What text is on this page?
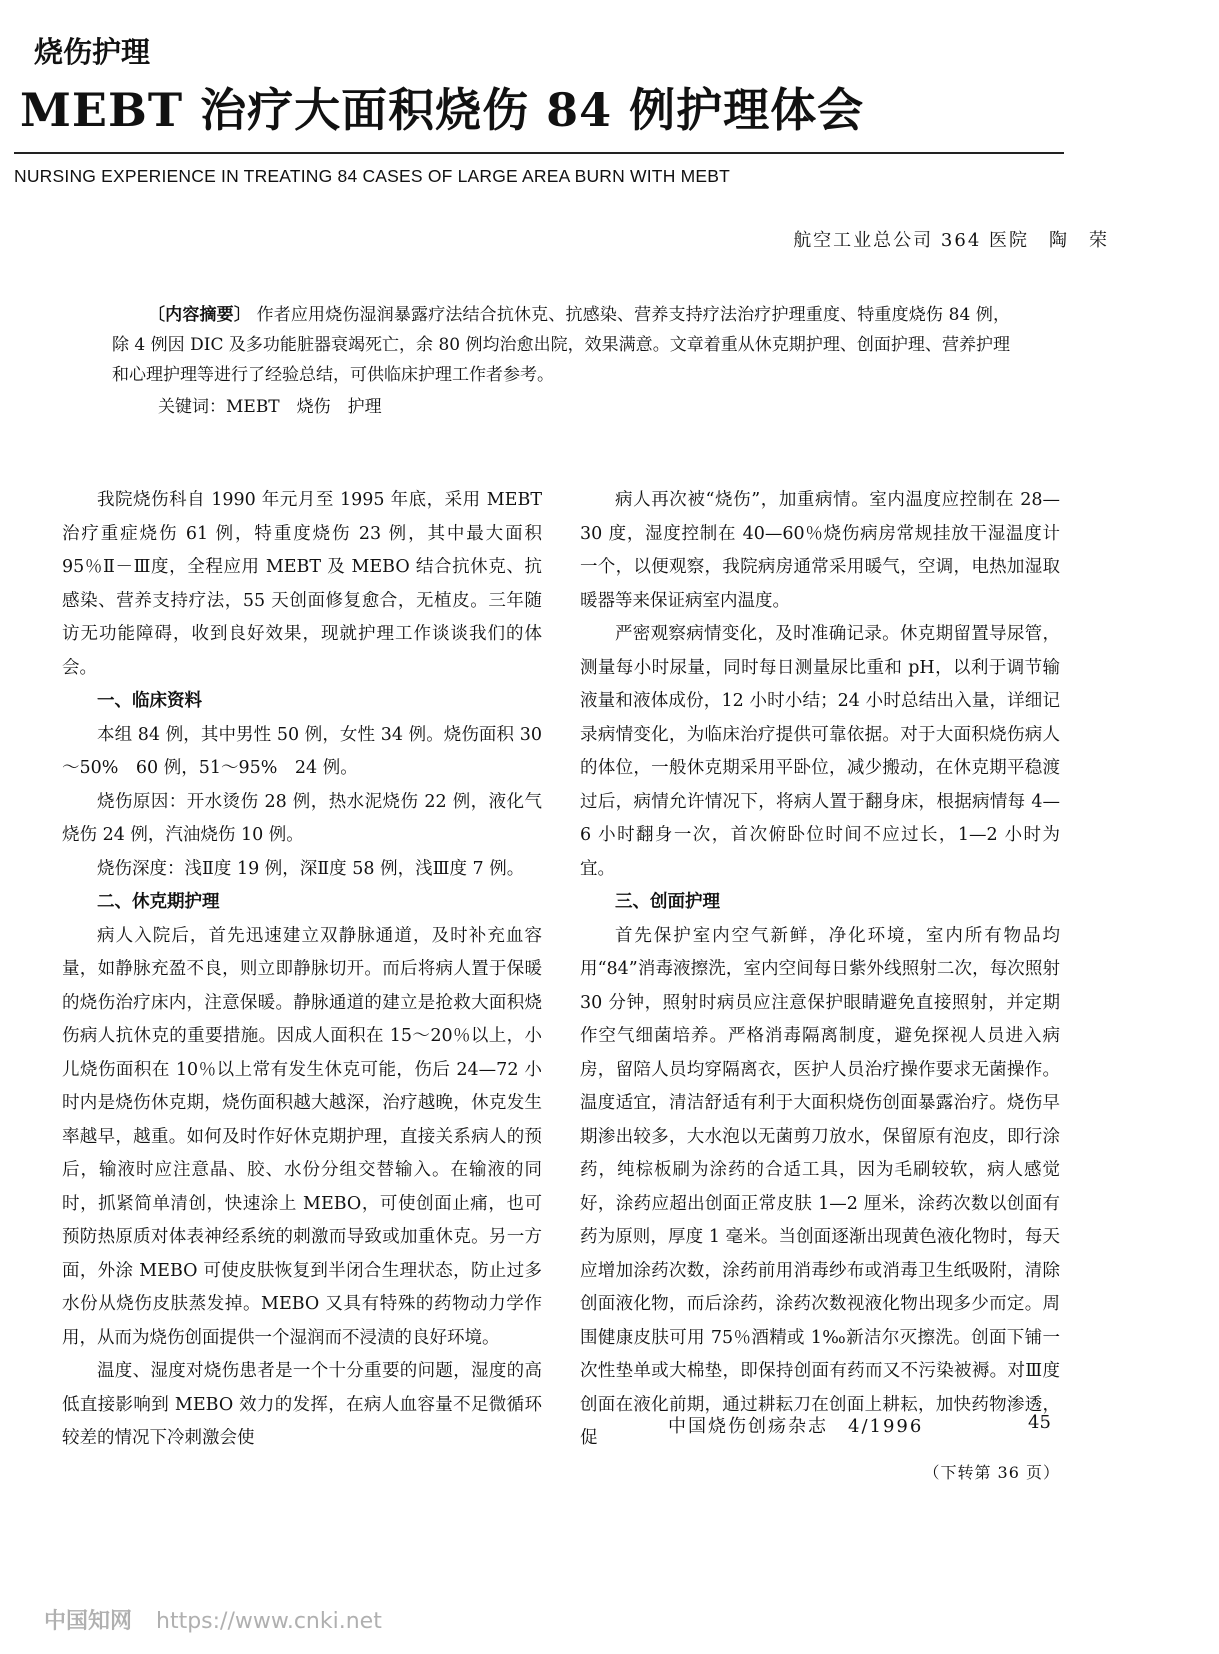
烧伤护理
MEBT 治疗大面积烧伤 84 例护理体会
NURSING EXPERIENCE IN TREATING 84 CASES OF LARGE AREA BURN WITH MEBT
航空工业总公司 364 医院　陶　荣

〔内容摘要〕 作者应用烧伤湿润暴露疗法结合抗休克、抗感染、营养支持疗法治疗护理重度、特重度烧伤 84 例，除 4 例因 DIC 及多功能脏器衰竭死亡，余 80 例均治愈出院，效果满意。文章着重从休克期护理、创面护理、营养护理和心理护理等进行了经验总结，可供临床护理工作者参考。

关键词：MEBT　烧伤　护理

我院烧伤科自 1990 年元月至 1995 年底，采用 MEBT 治疗重症烧伤 61 例，特重度烧伤 23 例，其中最大面积 95％Ⅱ－Ⅲ度，全程应用 MEBT 及 MEBO 结合抗休克、抗感染、营养支持疗法，55 天创面修复愈合，无植皮。三年随访无功能障碍，收到良好效果，现就护理工作谈谈我们的体会。

一、临床资料

本组 84 例，其中男性 50 例，女性 34 例。烧伤面积 30～50%　60 例，51～95%　24 例。

烧伤原因：开水烫伤 28 例，热水泥烧伤 22 例，液化气烧伤 24 例，汽油烧伤 10 例。

烧伤深度：浅Ⅱ度 19 例，深Ⅱ度 58 例，浅Ⅲ度 7 例。

二、休克期护理

病人入院后，首先迅速建立双静脉通道，及时补充血容量，如静脉充盈不良，则立即静脉切开。而后将病人置于保暖的烧伤治疗床内，注意保暖。静脉通道的建立是抢救大面积烧伤病人抗休克的重要措施。因成人面积在 15～20％以上，小儿烧伤面积在 10％以上常有发生休克可能，伤后 24—72 小时内是烧伤休克期，烧伤面积越大越深，治疗越晚，休克发生率越早，越重。如何及时作好休克期护理，直接关系病人的预后，输液时应注意晶、胶、水份分组交替输入。在输液的同时，抓紧简单清创，快速涂上 MEBO，可使创面止痛，也可预防热原质对体表神经系统的刺激而导致或加重休克。另一方面，外涂 MEBO 可使皮肤恢复到半闭合生理状态，防止过多水份从烧伤皮肤蒸发掉。MEBO 又具有特殊的药物动力学作用，从而为烧伤创面提供一个湿润而不浸渍的良好环境。

温度、湿度对烧伤患者是一个十分重要的问题，湿度的高低直接影响到 MEBO 效力的发挥，在病人血容量不足微循环较差的情况下冷刺激会使

病人再次被“烧伤”，加重病情。室内温度应控制在 28—30 度，湿度控制在 40—60％烧伤病房常规挂放干湿温度计一个，以便观察，我院病房通常采用暖气，空调，电热加湿取暖器等来保证病室内温度。

严密观察病情变化，及时准确记录。休克期留置导尿管，测量每小时尿量，同时每日测量尿比重和 pH，以利于调节输液量和液体成份，12 小时小结；24 小时总结出入量，详细记录病情变化，为临床治疗提供可靠依据。对于大面积烧伤病人的体位，一般休克期采用平卧位，减少搬动，在休克期平稳渡过后，病情允许情况下，将病人置于翻身床，根据病情每 4—6 小时翻身一次，首次俯卧位时间不应过长，1—2 小时为宜。

三、创面护理

首先保护室内空气新鲜，净化环境，室内所有物品均用“84”消毒液擦洗，室内空间每日紫外线照射二次，每次照射 30 分钟，照射时病员应注意保护眼睛避免直接照射，并定期作空气细菌培养。严格消毒隔离制度，避免探视人员进入病房，留陪人员均穿隔离衣，医护人员治疗操作要求无菌操作。温度适宜，清洁舒适有利于大面积烧伤创面暴露治疗。烧伤早期渗出较多，大水泡以无菌剪刀放水，保留原有泡皮，即行涂药，纯棕板刷为涂药的合适工具，因为毛刷较软，病人感觉好，涂药应超出创面正常皮肤 1—2 厘米，涂药次数以创面有药为原则，厚度 1 毫米。当创面逐渐出现黄色液化物时，每天应增加涂药次数，涂药前用消毒纱布或消毒卫生纸吸附，清除创面液化物，而后涂药，涂药次数视液化物出现多少而定。周围健康皮肤可用 75％酒精或 1‰新洁尔灭擦洗。创面下铺一次性垫单或大棉垫，即保持创面有药而又不污染被褥。对Ⅲ度创面在液化前期，通过耕耘刀在创面上耕耘，加快药物渗透，促

（下转第 36 页）
中国烧伤创疡杂志　4/1996	45
中国知网 https://www.cnki.net
